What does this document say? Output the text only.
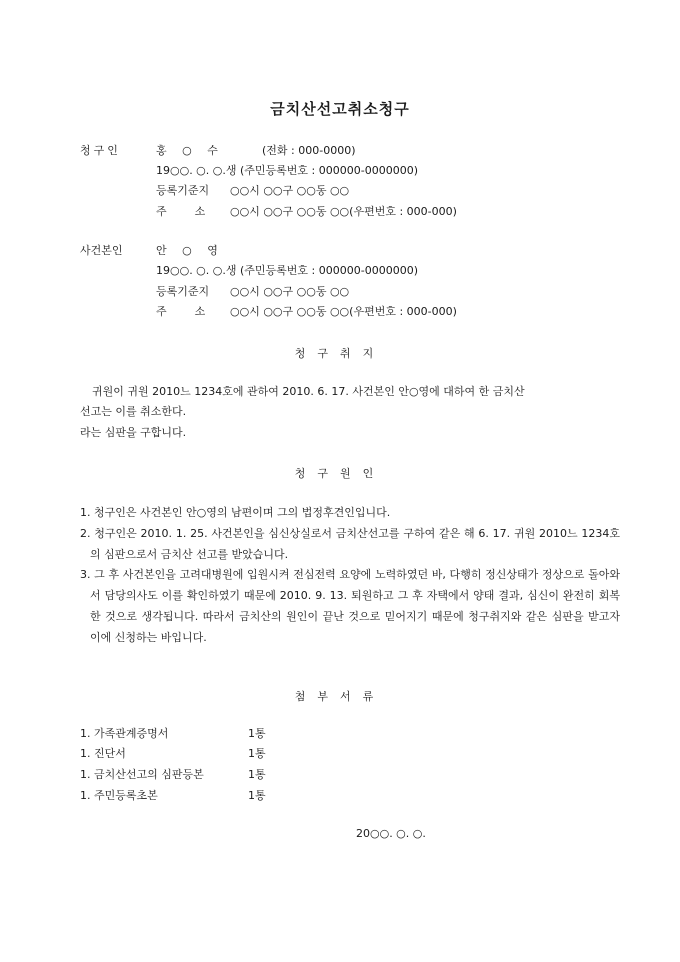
금치산선고취소청구
청구인	홍 ○ 수	(전화 : 000-0000)
19○○. ○. ○.생 (주민등록번호 : 000000-0000000)
등록기준지 ○○시 ○○구 ○○동 ○○
주        소 ○○시 ○○구 ○○동 ○○(우편번호 : 000-000)
사건본인	안 ○ 영
19○○. ○. ○.생 (주민등록번호 : 000000-0000000)
등록기준지 ○○시 ○○구 ○○동 ○○
주        소 ○○시 ○○구 ○○동 ○○(우편번호 : 000-000)
청구취지
귀원이 귀원 2010느 1234호에 관하여 2010. 6. 17. 사건본인 안○영에 대하여 한 금치산
선고는 이를 취소한다.
라는 심판을 구합니다.
청구원인
1. 청구인은 사건본인 안○영의 남편이며 그의 법정후견인입니다.
2. 청구인은 2010. 1. 25. 사건본인을 심신상실로서 금치산선고를 구하여 같은 해 6. 17. 귀원 2010느 1234호의 심판으로서 금치산 선고를 받았습니다.
3. 그 후 사건본인을 고려대병원에 입원시켜 전심전력 요양에 노력하였던 바, 다행히 정신상태가 정상으로 돌아와서 담당의사도 이를 확인하였기 때문에 2010. 9. 13. 퇴원하고 그 후 자택에서 양태 결과, 심신이 완전히 회복한 것으로 생각됩니다. 따라서 금치산의 원인이 끝난 것으로 믿어지기 때문에 청구취지와 같은 심판을 받고자 이에 신청하는 바입니다.
첨부서류
1. 가족관계증명서	1통
1. 진단서	1통
1. 금치산선고의 심판등본	1통
1. 주민등록초본	1통
20○○. ○. ○.
